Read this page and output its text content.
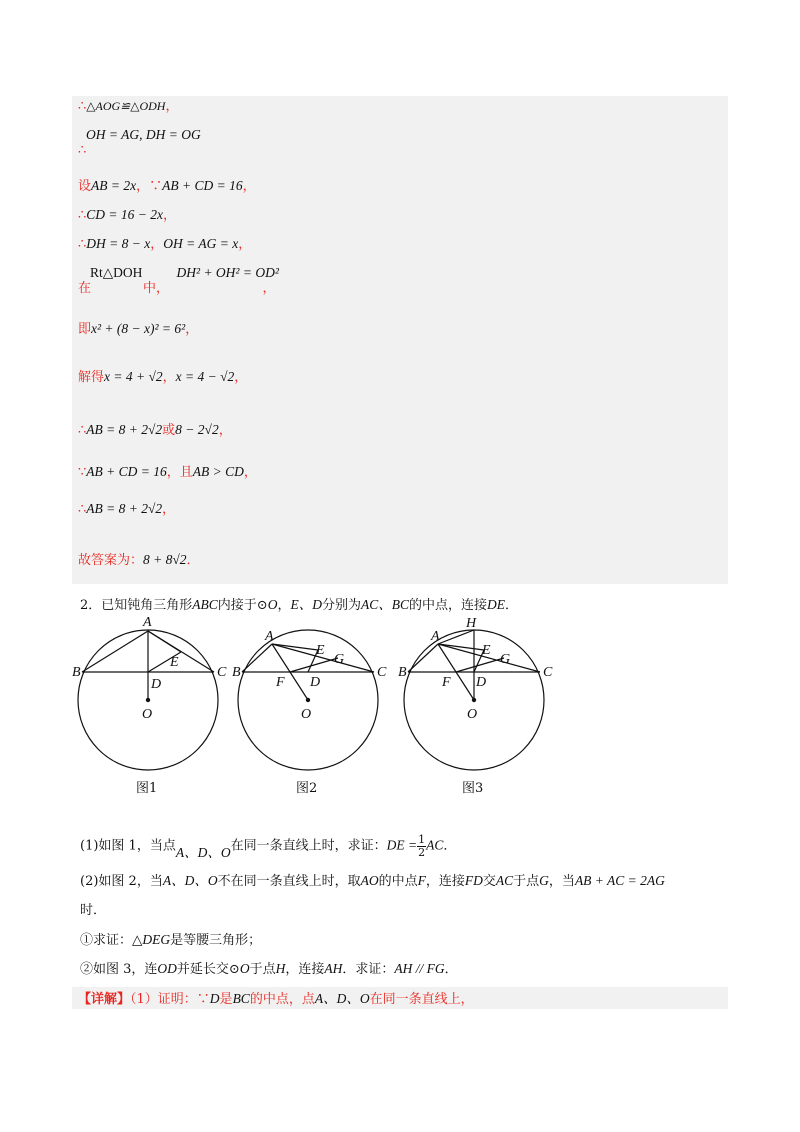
∴△AOG≌△ODH，
OH = AG, DH = OG
∴
设AB = 2x，∵AB + CD = 16，
∴CD = 16 − 2x，
∴DH = 8 − x，OH = AG = x，
Rt△DOH	DH² + OH² = OD²
在	中，	，
即x² + (8 − x)² = 6²，
解得x = 4 + √2，x = 4 − √2，
∴AB = 8 + 2√2或8 − 2√2，
∵AB + CD = 16，且AB > CD，
∴AB = 8 + 2√2，
故答案为：8 + 8√2．
2．已知钝角三角形ABC内接于⊙O，E、D分别为AC、BC的中点，连接DE．
A
B	C
D
E
O
A
B	C
D
E
G
F
O
A
H
B	C
D
E
G
F
O
图1	图2	图3
(1)如图 1，当点A、D、O在同一条直线上时，求证：DE = $\frac{1}{2}$ AC．
(2)如图 2，当A、D、O不在同一条直线上时，取AO的中点F，连接FD交AC于点G，当AB + AC = 2AG
时．
①求证：△DEG是等腰三角形；
②如图 3，连OD并延长交⊙O于点H，连接AH．求证：AH // FG．
【详解】（1）证明：∵D是BC的中点，点A、D、O在同一条直线上，
